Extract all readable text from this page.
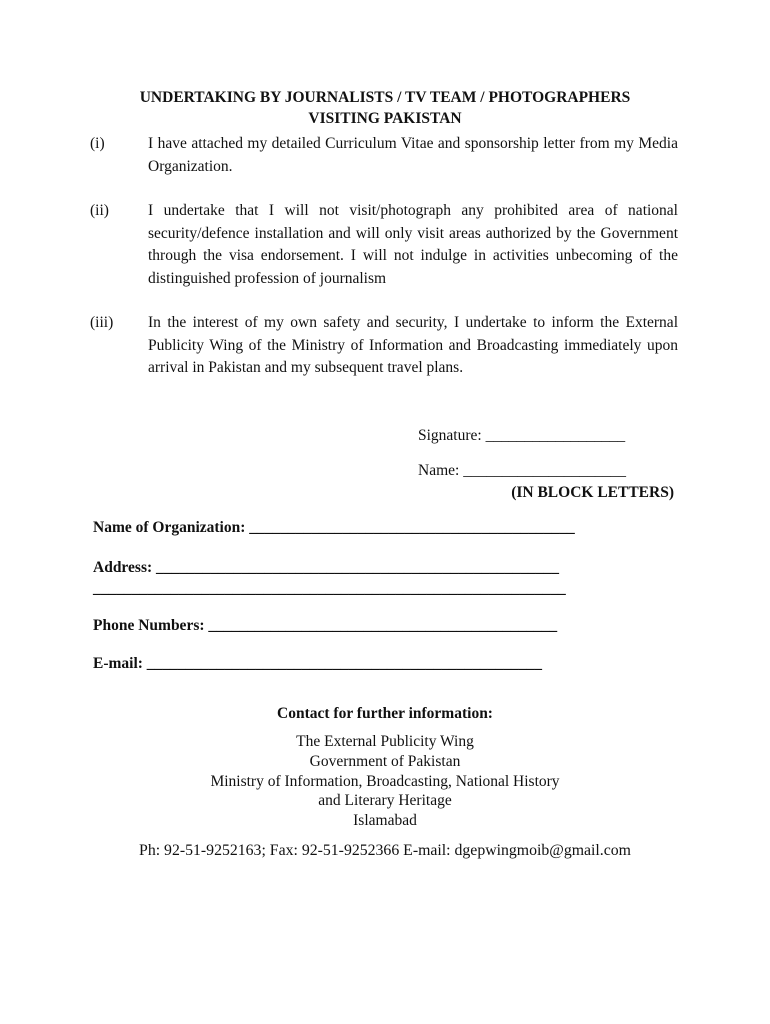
UNDERTAKING BY JOURNALISTS / TV TEAM / PHOTOGRAPHERS
VISITING PAKISTAN
(i)	I have attached my detailed Curriculum Vitae and sponsorship letter from my Media Organization.
(ii)	I undertake that I will not visit/photograph any prohibited area of national security/defence installation and will only visit areas authorized by the Government through the visa endorsement. I will not indulge in activities unbecoming of the distinguished profession of journalism
(iii) In the interest of my own safety and security, I undertake to inform the External Publicity Wing of the Ministry of Information and Broadcasting immediately upon arrival in Pakistan and my subsequent travel plans.
Signature: __________________
Name: _____________________
(IN BLOCK LETTERS)
Name of Organization: __________________________________________
Address: ____________________________________________________
_____________________________________________________________
Phone Numbers: _____________________________________________
E-mail: ___________________________________________________
Contact for further information:
The External Publicity Wing
Government of Pakistan
Ministry of Information, Broadcasting, National History
and Literary Heritage
Islamabad
Ph: 92-51-9252163; Fax: 92-51-9252366 E-mail: dgepwingmoib@gmail.com
